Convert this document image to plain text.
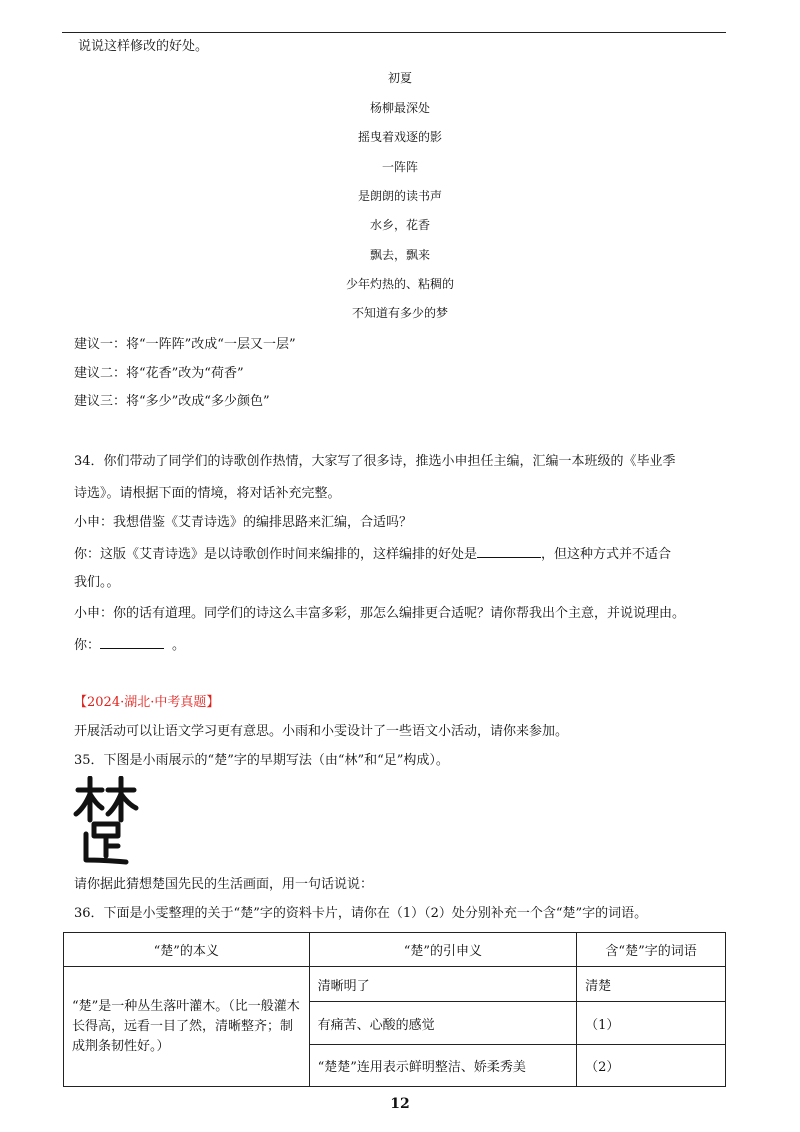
说说这样修改的好处。
初夏
杨柳最深处
摇曳着戏逐的影
一阵阵
是朗朗的读书声
水乡，花香
飘去，飘来
少年灼热的、粘稠的
不知道有多少的梦
建议一：将“一阵阵”改成“一层又一层”
建议二：将“花香”改为“荷香”
建议三：将“多少”改成“多少颜色”
34．你们带动了同学们的诗歌创作热情，大家写了很多诗，推选小申担任主编，汇编一本班级的《毕业季
诗选》。请根据下面的情境，将对话补充完整。
小申：我想借鉴《艾青诗选》的编排思路来汇编，合适吗？
你：这版《艾青诗选》是以诗歌创作时间来编排的，这样编排的好处是	，但这种方式并不适合
我们。。
小申：你的话有道理。同学们的诗这么丰富多彩，那怎么编排更合适呢？请你帮我出个主意，并说说理由。
你：	。
【2024·湖北·中考真题】
开展活动可以让语文学习更有意思。小雨和小雯设计了一些语文小活动，请你来参加。
35．下图是小雨展示的“楚”字的早期写法（由“林”和“足”构成）。
请你据此猜想楚国先民的生活画面，用一句话说说：
36．下面是小雯整理的关于“楚”字的资料卡片，请你在（1）（2）处分别补充一个含“楚”字的词语。
“楚”的本义	“楚”的引申义	含“楚”字的词语
“楚”是一种丛生落叶灌木。（比一般灌木长得高，远看一目了然，清晰整齐；制成荆条韧性好。）	清晰明了	清楚
	有痛苦、心酸的感觉	（1）
	“楚楚”连用表示鲜明整洁、娇柔秀美	（2）
12
